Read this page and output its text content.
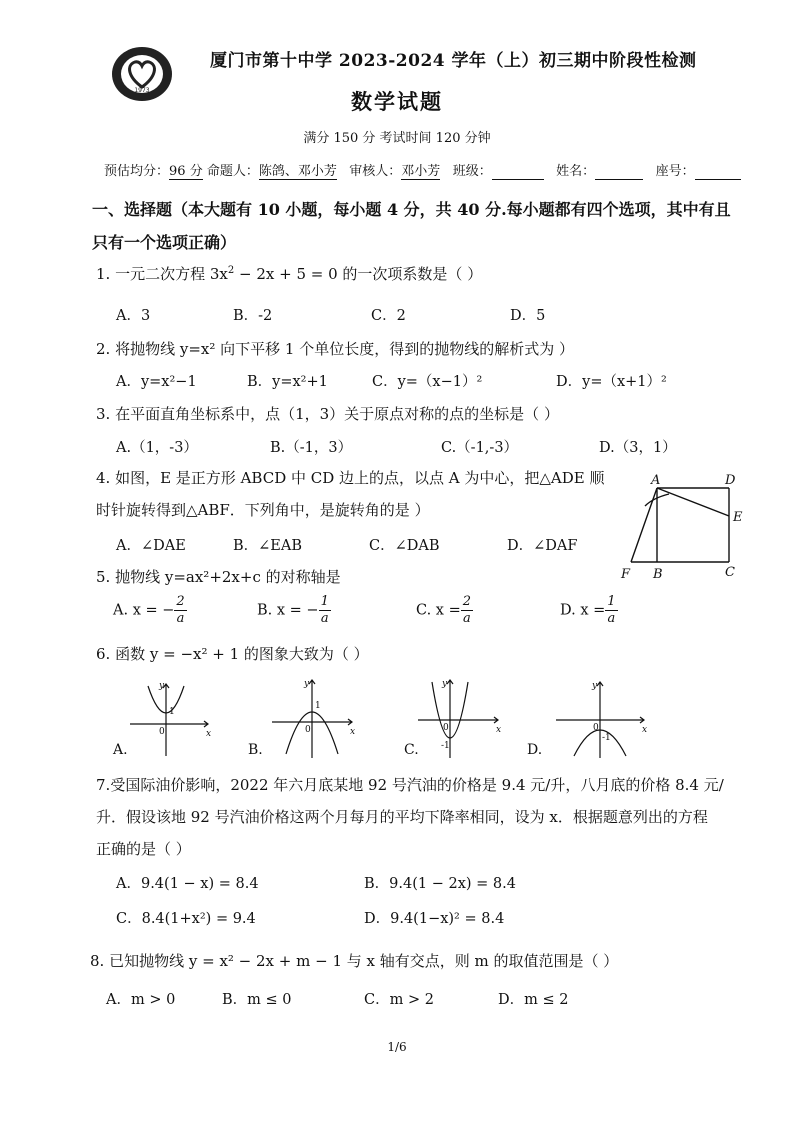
1973
厦门市第十中学 2023-2024 学年（上）初三期中阶段性检测
数学试题
满分 150 分 考试时间 120 分钟
预估均分：96 分 命题人：陈鸽、邓小芳 审核人：邓小芳 班级：	姓名：	座号：
一、选择题（本大题有 10 小题，每小题 4 分，共 40 分.每小题都有四个选项，其中有且只有一个选项正确）
1. 一元二次方程 $3x^2 - 2x + 5 = 0$ 的一次项系数是（ ）
A．3	B．-2	C．2	D．5
2. 将抛物线 y=x² 向下平移 1 个单位长度，得到的抛物线的解析式为 ）
A．y=x²−1	B．y=x²+1	C．y=（x−1）²	D．y=（x+1）²
3. 在平面直角坐标系中，点（1，3）关于原点对称的点的坐标是（ ）
A.（1，-3）	B.（-1，3）	C.（-1,-3）	D.（3，1）
4. 如图，E 是正方形 ABCD 中 CD 边上的点，以点 A 为中心，把△ADE 顺
时针旋转得到△ABF．下列角中，是旋转角的是 ）
A．∠DAE	B．∠EAB	C．∠DAB	D．∠DAF
A	D
E
F B	C
5. 抛物线 y=ax²+2x+c 的对称轴是
A. x = − $\frac{2}{a}$	B. x = − $\frac{1}{a}$	C. $x = \frac{2}{a}$	D. $x = \frac{1}{a}$
6. 函数 y = −x² + 1 的图象大致为（ ）
A.
y
x
0
1
B.
y
x
0
1
C.
y
x
0
-1	D.
y
x
0
-1
7.受国际油价影响，2022 年六月底某地 92 号汽油的价格是 9.4 元/升，八月底的价格 8.4 元/
升．假设该地 92 号汽油价格这两个月每月的平均下降率相同，设为 x．根据题意列出的方程
正确的是（ ）
A．9.4(1 − x) = 8.4	B．9.4(1 − 2x) = 8.4
C．8.4(1+x²) = 9.4	D．9.4(1−x)² = 8.4
8. 已知抛物线 y = x² − 2x + m − 1 与 x 轴有交点，则 m 的取值范围是（ ）
A．m > 0	B．m ≤ 0	C．m > 2	D．m ≤ 2
1/6
